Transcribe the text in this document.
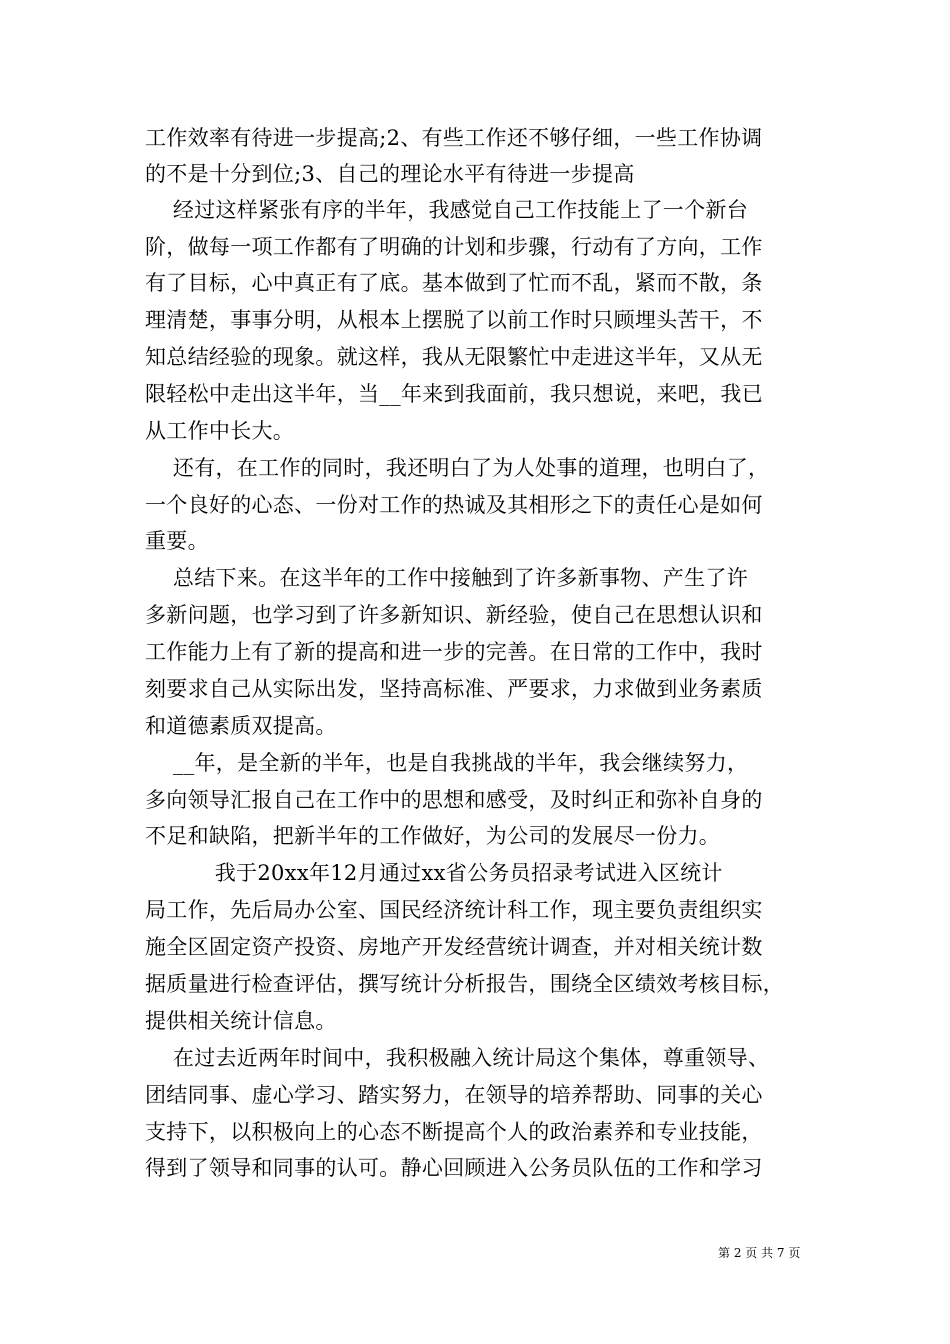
工作效率有待进一步提高;2、有些工作还不够仔细，一些工作协调
的不是十分到位;3、自己的理论水平有待进一步提高
经过这样紧张有序的半年，我感觉自己工作技能上了一个新台
阶，做每一项工作都有了明确的计划和步骤，行动有了方向，工作
有了目标，心中真正有了底。基本做到了忙而不乱，紧而不散，条
理清楚，事事分明，从根本上摆脱了以前工作时只顾埋头苦干，不
知总结经验的现象。就这样，我从无限繁忙中走进这半年，又从无
限轻松中走出这半年，当__年来到我面前，我只想说，来吧，我已
从工作中长大。
还有，在工作的同时，我还明白了为人处事的道理，也明白了，
一个良好的心态、一份对工作的热诚及其相形之下的责任心是如何
重要。
总结下来。在这半年的工作中接触到了许多新事物、产生了许
多新问题，也学习到了许多新知识、新经验，使自己在思想认识和
工作能力上有了新的提高和进一步的完善。在日常的工作中，我时
刻要求自己从实际出发，坚持高标准、严要求，力求做到业务素质
和道德素质双提高。
__年，是全新的半年，也是自我挑战的半年，我会继续努力，
多向领导汇报自己在工作中的思想和感受，及时纠正和弥补自身的
不足和缺陷，把新半年的工作做好，为公司的发展尽一份力。
我于20xx年12月通过xx省公务员招录考试进入区统计
局工作，先后局办公室、国民经济统计科工作，现主要负责组织实
施全区固定资产投资、房地产开发经营统计调查，并对相关统计数
据质量进行检查评估，撰写统计分析报告，围绕全区绩效考核目标，
提供相关统计信息。
在过去近两年时间中，我积极融入统计局这个集体，尊重领导、
团结同事、虚心学习、踏实努力，在领导的培养帮助、同事的关心
支持下，以积极向上的心态不断提高个人的政治素养和专业技能，
得到了领导和同事的认可。静心回顾进入公务员队伍的工作和学习
第 2 页 共 7 页
